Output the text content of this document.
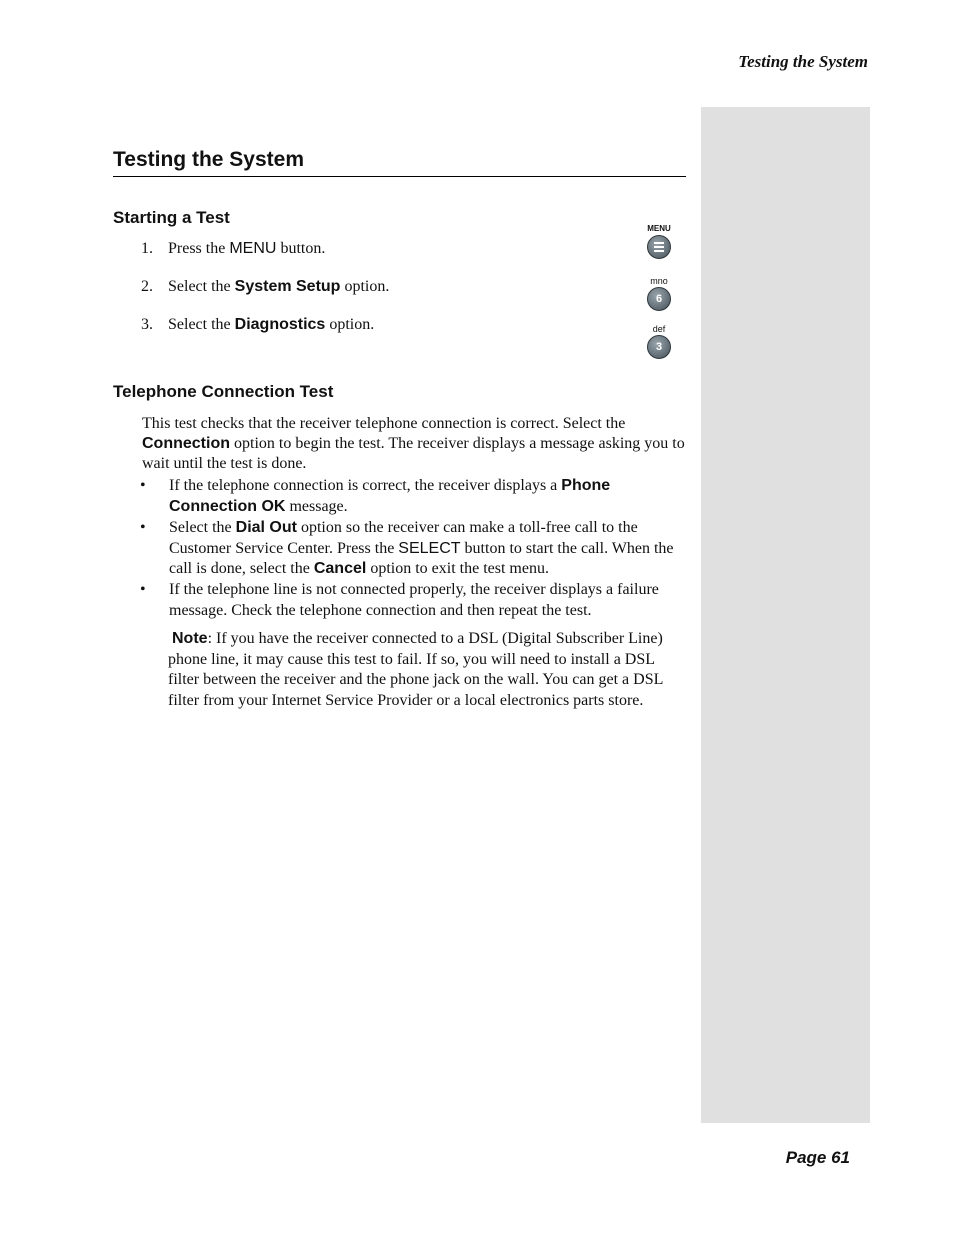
Testing the System
Testing the System
Starting a Test
1. Press the MENU button.
2. Select the System Setup option.
3. Select the Diagnostics option.
Telephone Connection Test
This test checks that the receiver telephone connection is correct. Select the Connection option to begin the test. The receiver displays a message asking you to wait until the test is done.
• If the telephone connection is correct, the receiver displays a Phone Connection OK message.
• Select the Dial Out option so the receiver can make a toll-free call to the Customer Service Center. Press the SELECT button to start the call. When the call is done, select the Cancel option to exit the test menu.
• If the telephone line is not connected properly, the receiver displays a failure message. Check the telephone connection and then repeat the test.
Note: If you have the receiver connected to a DSL (Digital Subscriber Line) phone line, it may cause this test to fail. If so, you will need to install a DSL filter between the receiver and the phone jack on the wall. You can get a DSL filter from your Internet Service Provider or a local electronics parts store.
MENU
mno
6
def
3
Page 61
